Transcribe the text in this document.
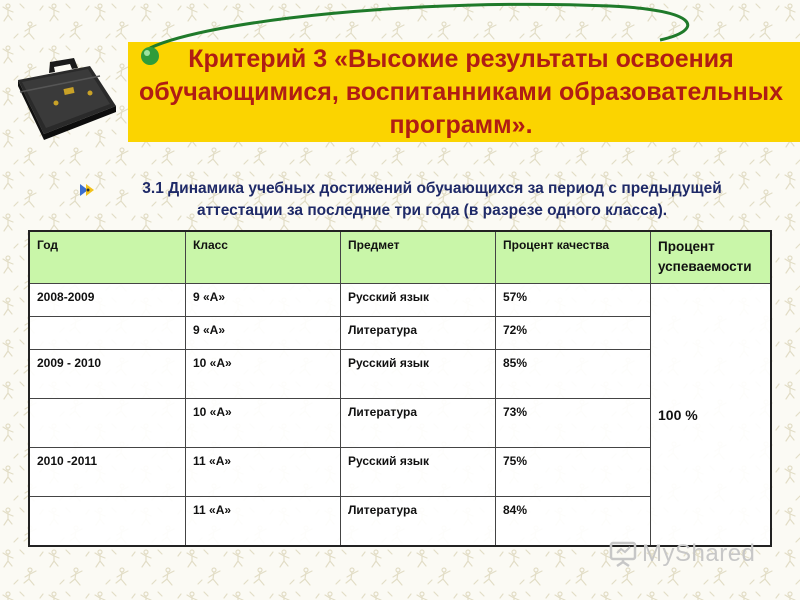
Критерий 3 «Высокие результаты освоения обучающимися, воспитанниками образовательных программ».

3.1 Динамика учебных достижений обучающихся за период с предыдущей аттестации за последние три года (в разрезе одного класса).

Год	Класс	Предмет	Процент качества	Процент успеваемости
2008-2009	9 «А»	Русский язык	57%	100 %
	9 «А»	Литература	72%	
2009 - 2010	10 «А»	Русский язык	85%	
	10 «А»	Литература	73%	
2010 -2011	11 «А»	Русский язык	75%	
	11 «А»	Литература	84%	
MyShared
